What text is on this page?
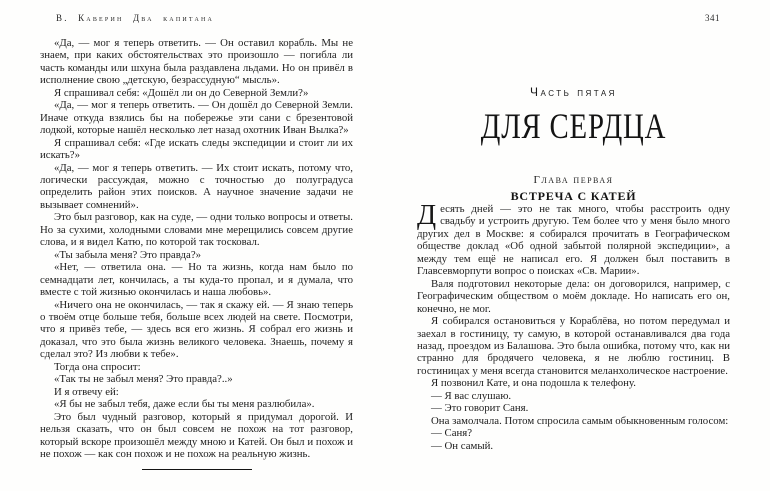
В. Каверин Два капитана

«Да, — мог я теперь ответить. — Он оставил корабль. Мы не знаем, при каких обстоятельствах это произошло — погибла ли часть команды или шхуна была раздавлена льдами. Но он привёл в исполнение свою „детскую, безрассудную“ мысль».

Я спрашивал себя: «Дошёл ли он до Северной Земли?»

«Да, — мог я теперь ответить. — Он дошёл до Северной Земли. Иначе откуда взялись бы на побережье эти сани с брезентовой лодкой, которые нашёл несколько лет назад охотник Иван Вылка?»

Я спрашивал себя: «Где искать следы экспедиции и стоит ли их искать?»

«Да, — мог я теперь ответить. — Их стоит искать, потому что, логически рассуждая, можно с точностью до полуградуса определить район этих поисков. А научное значение задачи не вызывает сомнений».

Это был разговор, как на суде, — одни только вопросы и ответы. Но за сухими, холодными словами мне мерещились совсем другие слова, и я видел Катю, по которой так тосковал.

«Ты забыла меня? Это правда?»

«Нет, — ответила она. — Но та жизнь, когда нам было по семнадцати лет, кончилась, а ты куда-то пропал, и я думала, что вместе с той жизнью окончилась и наша любовь».

«Ничего она не окончилась, — так я скажу ей. — Я знаю теперь о твоём отце больше тебя, больше всех людей на свете. Посмотри, что я привёз тебе, — здесь вся его жизнь. Я собрал его жизнь и доказал, что это была жизнь великого человека. Знаешь, почему я сделал это? Из любви к тебе».

Тогда она спросит:

«Так ты не забыл меня? Это правда?..»

И я отвечу ей:

«Я бы не забыл тебя, даже если бы ты меня разлюбила».

Это был чудный разговор, который я придумал дорогой. И нельзя сказать, что он был совсем не похож на тот разговор, который вскоре произошёл между мною и Катей. Он был и похож и не похож — как сон похож и не похож на реальную жизнь.

341
Часть пятая
ДЛЯ СЕРДЦА
Глава первая
ВСТРЕЧА С КАТЕЙ

Десять дней — это не так много, чтобы расстроить одну свадьбу и устроить другую. Тем более что у меня было много других дел в Москве: я собирался прочитать в Географическом обществе доклад «Об одной забытой полярной экспедиции», а между тем ещё не написал его. Я должен был поставить в Главсевморпути вопрос о поисках «Св. Марии».

Валя подготовил некоторые дела: он договорился, например, с Географическим обществом о моём докладе. Но написать его он, конечно, не мог.

Я собирался остановиться у Кораблёва, но потом передумал и заехал в гостиницу, ту самую, в которой останавливался два года назад, проездом из Балашова. Это была ошибка, потому что, как ни странно для бродячего человека, я не люблю гостиниц. В гостиницах у меня всегда становится меланхолическое настроение.

Я позвонил Кате, и она подошла к телефону.

— Я вас слушаю.

— Это говорит Саня.

Она замолчала. Потом спросила самым обыкновенным голосом:

— Саня?

— Он самый.
